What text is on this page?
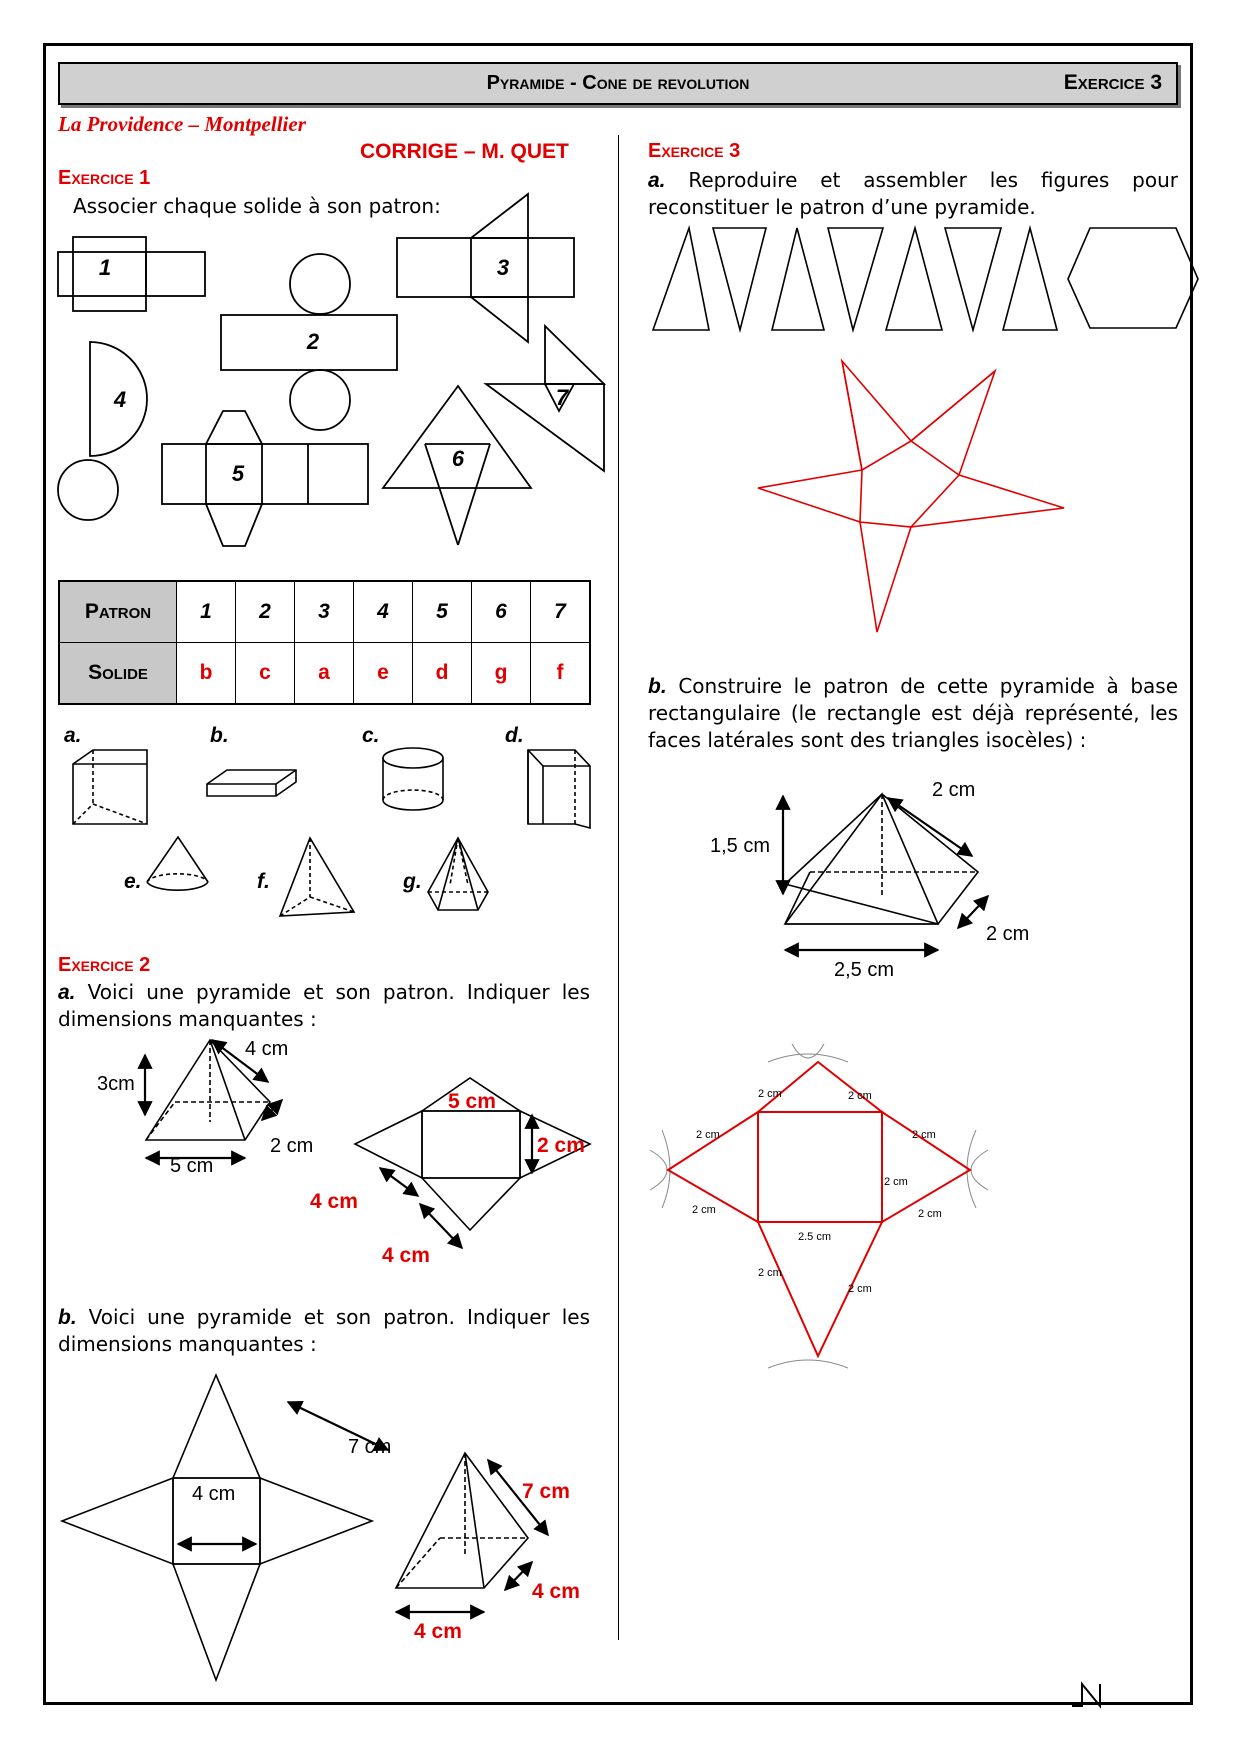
Pyramide - Cone de revolution	Exercice 3
La Providence – Montpellier
CORRIGE – M. QUET
Exercice 1
Associer chaque solide à son patron:
1
2
3
4
5
6
7
Patron	1	2	3	4	5	6	7
Solide	b	c	a	e	d	g	f
a.	b.	c.	d.
e.	f.	g.
Exercice 2
a. Voici une pyramide et son patron. Indiquer les
dimensions manquantes :
3cm
4 cm
5 cm
2 cm
5 cm
2 cm
4 cm
4 cm
b. Voici une pyramide et son patron. Indiquer les
dimensions manquantes :
4 cm
7 cm
7 cm
4 cm
4 cm
Exercice 3
a. Reproduire et assembler les figures pour
reconstituer le patron d’une pyramide.
b. Construire le patron de cette pyramide à base
rectangulaire (le rectangle est déjà représenté, les
faces latérales sont des triangles isocèles) :
1,5 cm
2 cm
2 cm
2,5 cm
2 cm	2 cm
2 cm	2 cm
2 cm	2 cm
2 cm
2.5 cm
2 cm
2 cm
